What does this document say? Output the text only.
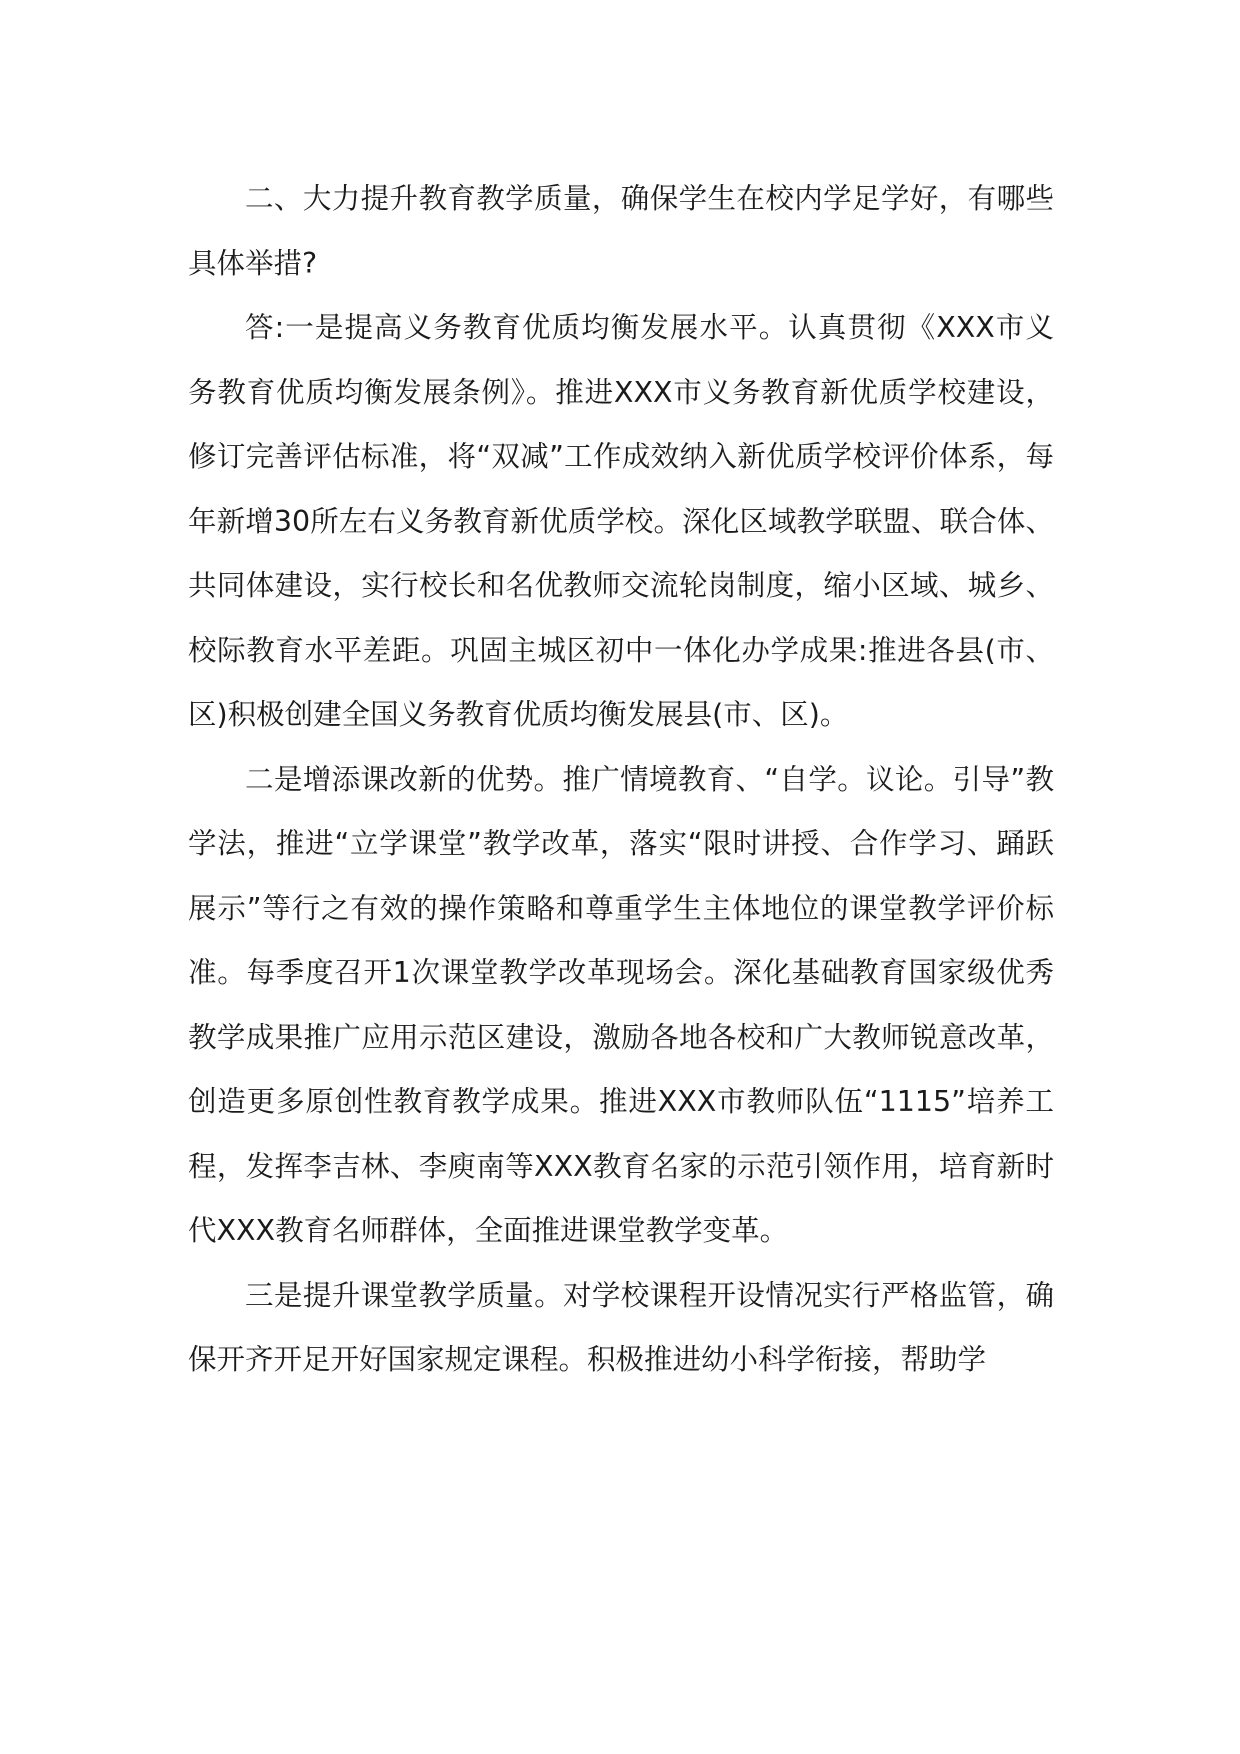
二、大力提升教育教学质量，确保学生在校内学足学好，有哪些具体举措?

答:一是提高义务教育优质均衡发展水平。认真贯彻《XXX市义务教育优质均衡发展条例》。推进XXX市义务教育新优质学校建设，修订完善评估标准，将“双减”工作成效纳入新优质学校评价体系，每年新增30所左右义务教育新优质学校。深化区域教学联盟、联合体、共同体建设，实行校长和名优教师交流轮岗制度，缩小区域、城乡、校际教育水平差距。巩固主城区初中一体化办学成果:推进各县(市、区)积极创建全国义务教育优质均衡发展县(市、区)。

二是增添课改新的优势。推广情境教育、“自学。议论。引导”教学法，推进“立学课堂”教学改革，落实“限时讲授、合作学习、踊跃展示”等行之有效的操作策略和尊重学生主体地位的课堂教学评价标准。每季度召开1次课堂教学改革现场会。深化基础教育国家级优秀教学成果推广应用示范区建设，激励各地各校和广大教师锐意改革，创造更多原创性教育教学成果。推进XXX市教师队伍“1115”培养工程，发挥李吉林、李庾南等XXX教育名家的示范引领作用，培育新时代XXX教育名师群体，全面推进课堂教学变革。

三是提升课堂教学质量。对学校课程开设情况实行严格监管，确保开齐开足开好国家规定课程。积极推进幼小科学衔接，帮助学
